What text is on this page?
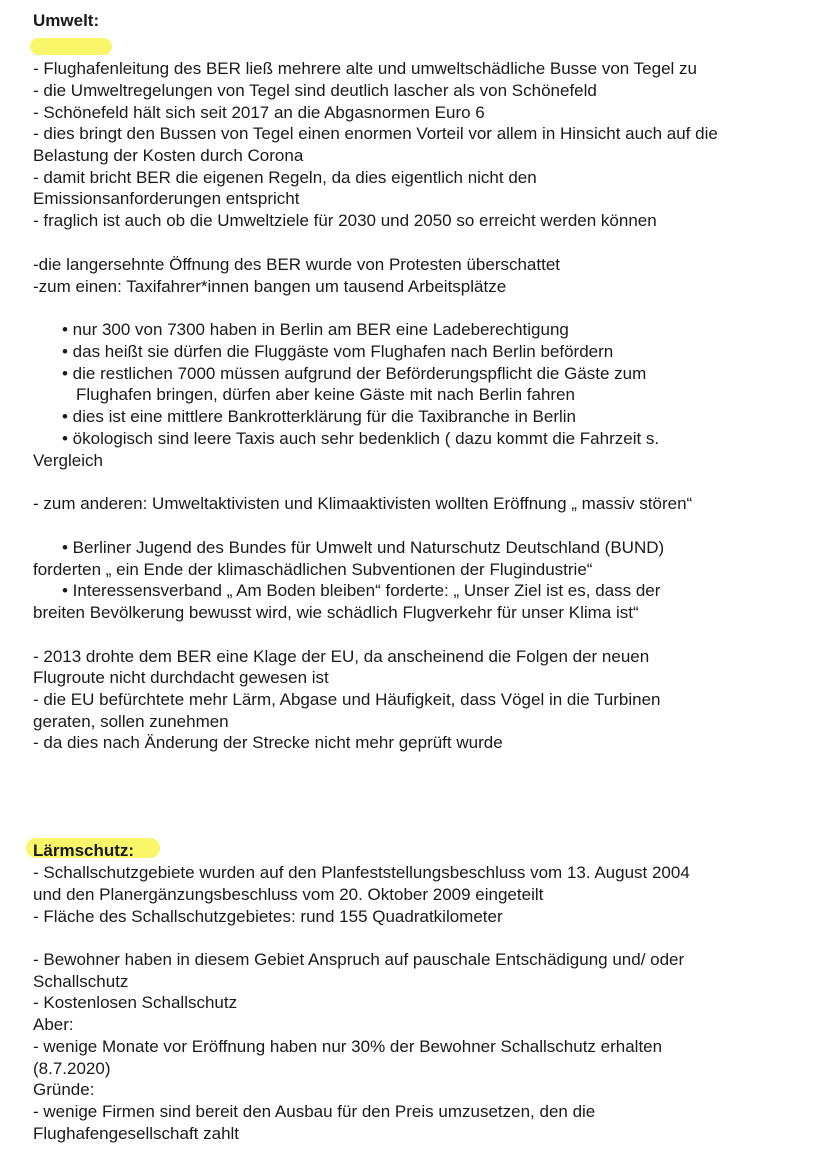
Umwelt:
- Flughafenleitung des BER ließ mehrere alte und umweltschädliche Busse von Tegel zu
- die Umweltregelungen von Tegel sind deutlich lascher als von Schönefeld
- Schönefeld hält sich seit 2017 an die Abgasnormen Euro 6
- dies bringt den Bussen von Tegel einen enormen Vorteil vor allem in Hinsicht auch auf die
Belastung der Kosten durch Corona
- damit bricht BER die eigenen Regeln, da dies eigentlich nicht den
Emissionsanforderungen entspricht
- fraglich ist auch ob die Umweltziele für 2030 und 2050 so erreicht werden können
-die langersehnte Öffnung des BER wurde von Protesten überschattet
-zum einen: Taxifahrer*innen bangen um tausend Arbeitsplätze
• nur 300 von 7300 haben in Berlin am BER eine Ladeberechtigung
• das heißt sie dürfen die Fluggäste vom Flughafen nach Berlin befördern
• die restlichen 7000 müssen aufgrund der Beförderungspflicht die Gäste zum
Flughafen bringen, dürfen aber keine Gäste mit nach Berlin fahren
• dies ist eine mittlere Bankrotterklärung für die Taxibranche in Berlin
• ökologisch sind leere Taxis auch sehr bedenklich ( dazu kommt die Fahrzeit s.
Vergleich
- zum anderen: Umweltaktivisten und Klimaaktivisten wollten Eröffnung „ massiv stören“
• Berliner Jugend des Bundes für Umwelt und Naturschutz Deutschland (BUND)
forderten „ ein Ende der klimaschädlichen Subventionen der Flugindustrie“
• Interessensverband „ Am Boden bleiben“ forderte: „ Unser Ziel ist es, dass der
breiten Bevölkerung bewusst wird, wie schädlich Flugverkehr für unser Klima ist“
- 2013 drohte dem BER eine Klage der EU, da anscheinend die Folgen der neuen
Flugroute nicht durchdacht gewesen ist
- die EU befürchtete mehr Lärm, Abgase und Häufigkeit, dass Vögel in die Turbinen
geraten, sollen zunehmen
- da dies nach Änderung der Strecke nicht mehr geprüft wurde
Lärmschutz:
- Schallschutzgebiete wurden auf den Planfeststellungsbeschluss vom 13. August 2004
und den Planergänzungsbeschluss vom 20. Oktober 2009 eingeteilt
- Fläche des Schallschutzgebietes: rund 155 Quadratkilometer
- Bewohner haben in diesem Gebiet Anspruch auf pauschale Entschädigung und/ oder
Schallschutz
- Kostenlosen Schallschutz
Aber:
- wenige Monate vor Eröffnung haben nur 30% der Bewohner Schallschutz erhalten
(8.7.2020)
Gründe:
- wenige Firmen sind bereit den Ausbau für den Preis umzusetzen, den die
Flughafengesellschaft zahlt
